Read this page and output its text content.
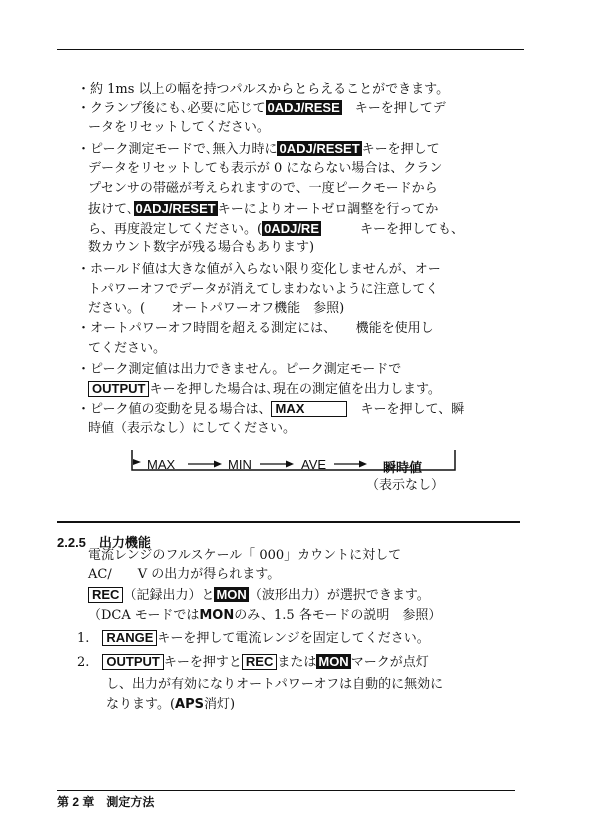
・約 1ms 以上の幅を持つパルスからとらえることができます。
・クランプ後にも､必要に応じて 0ADJ/RESE　 キーを押してデ
ータをリセットしてください。
・ピーク測定モードで､無入力時に 0ADJ/RESET キーを押して
データをリセットしても表示が 0 にならない場合は、クラン
プセンサの帯磁が考えられますので、一度ピークモードから
抜けて､ 0ADJ/RESET キーによりオートゼロ調整を行ってか
ら、再度設定してください。( 0ADJ/RE　　　	キーを押しても、
数カウント数字が残る場合もあります)
・ホールド値は大きな値が入らない限り変化しませんが、オー
トパワーオフでデータが消えてしまわないように注意してく
ださい。(　　オートパワーオフ機能　参照)
・オートパワーオフ時間を超える測定には、　　機能を使用し
てください。
・ピーク測定値は出力できません。ピーク測定モードで
OUTPUT キーを押した場合は､現在の測定値を出力します。
・ピーク値の変動を見る場合は、 MAX　	キーを押して、瞬
時値（表示なし）にしてください。
MAX	MIN	AVE	瞬時値
（表示なし）
2.2.5　出力機能
電流レンジのフルスケール「 000」カウントに対して
AC/　　V の出力が得られます。
REC （記録出力）と MON （波形出力）が選択できます。
（DCA モードではMONのみ、1.5 各モードの説明　参照）
1.　 RANGE キーを押して電流レンジを固定してください。
2.　 OUTPUT キーを押すと REC または MON マークが点灯
し、出力が有効になりオートパワーオフは自動的に無効に
なります。(APS消灯)
第 2 章　測定方法
